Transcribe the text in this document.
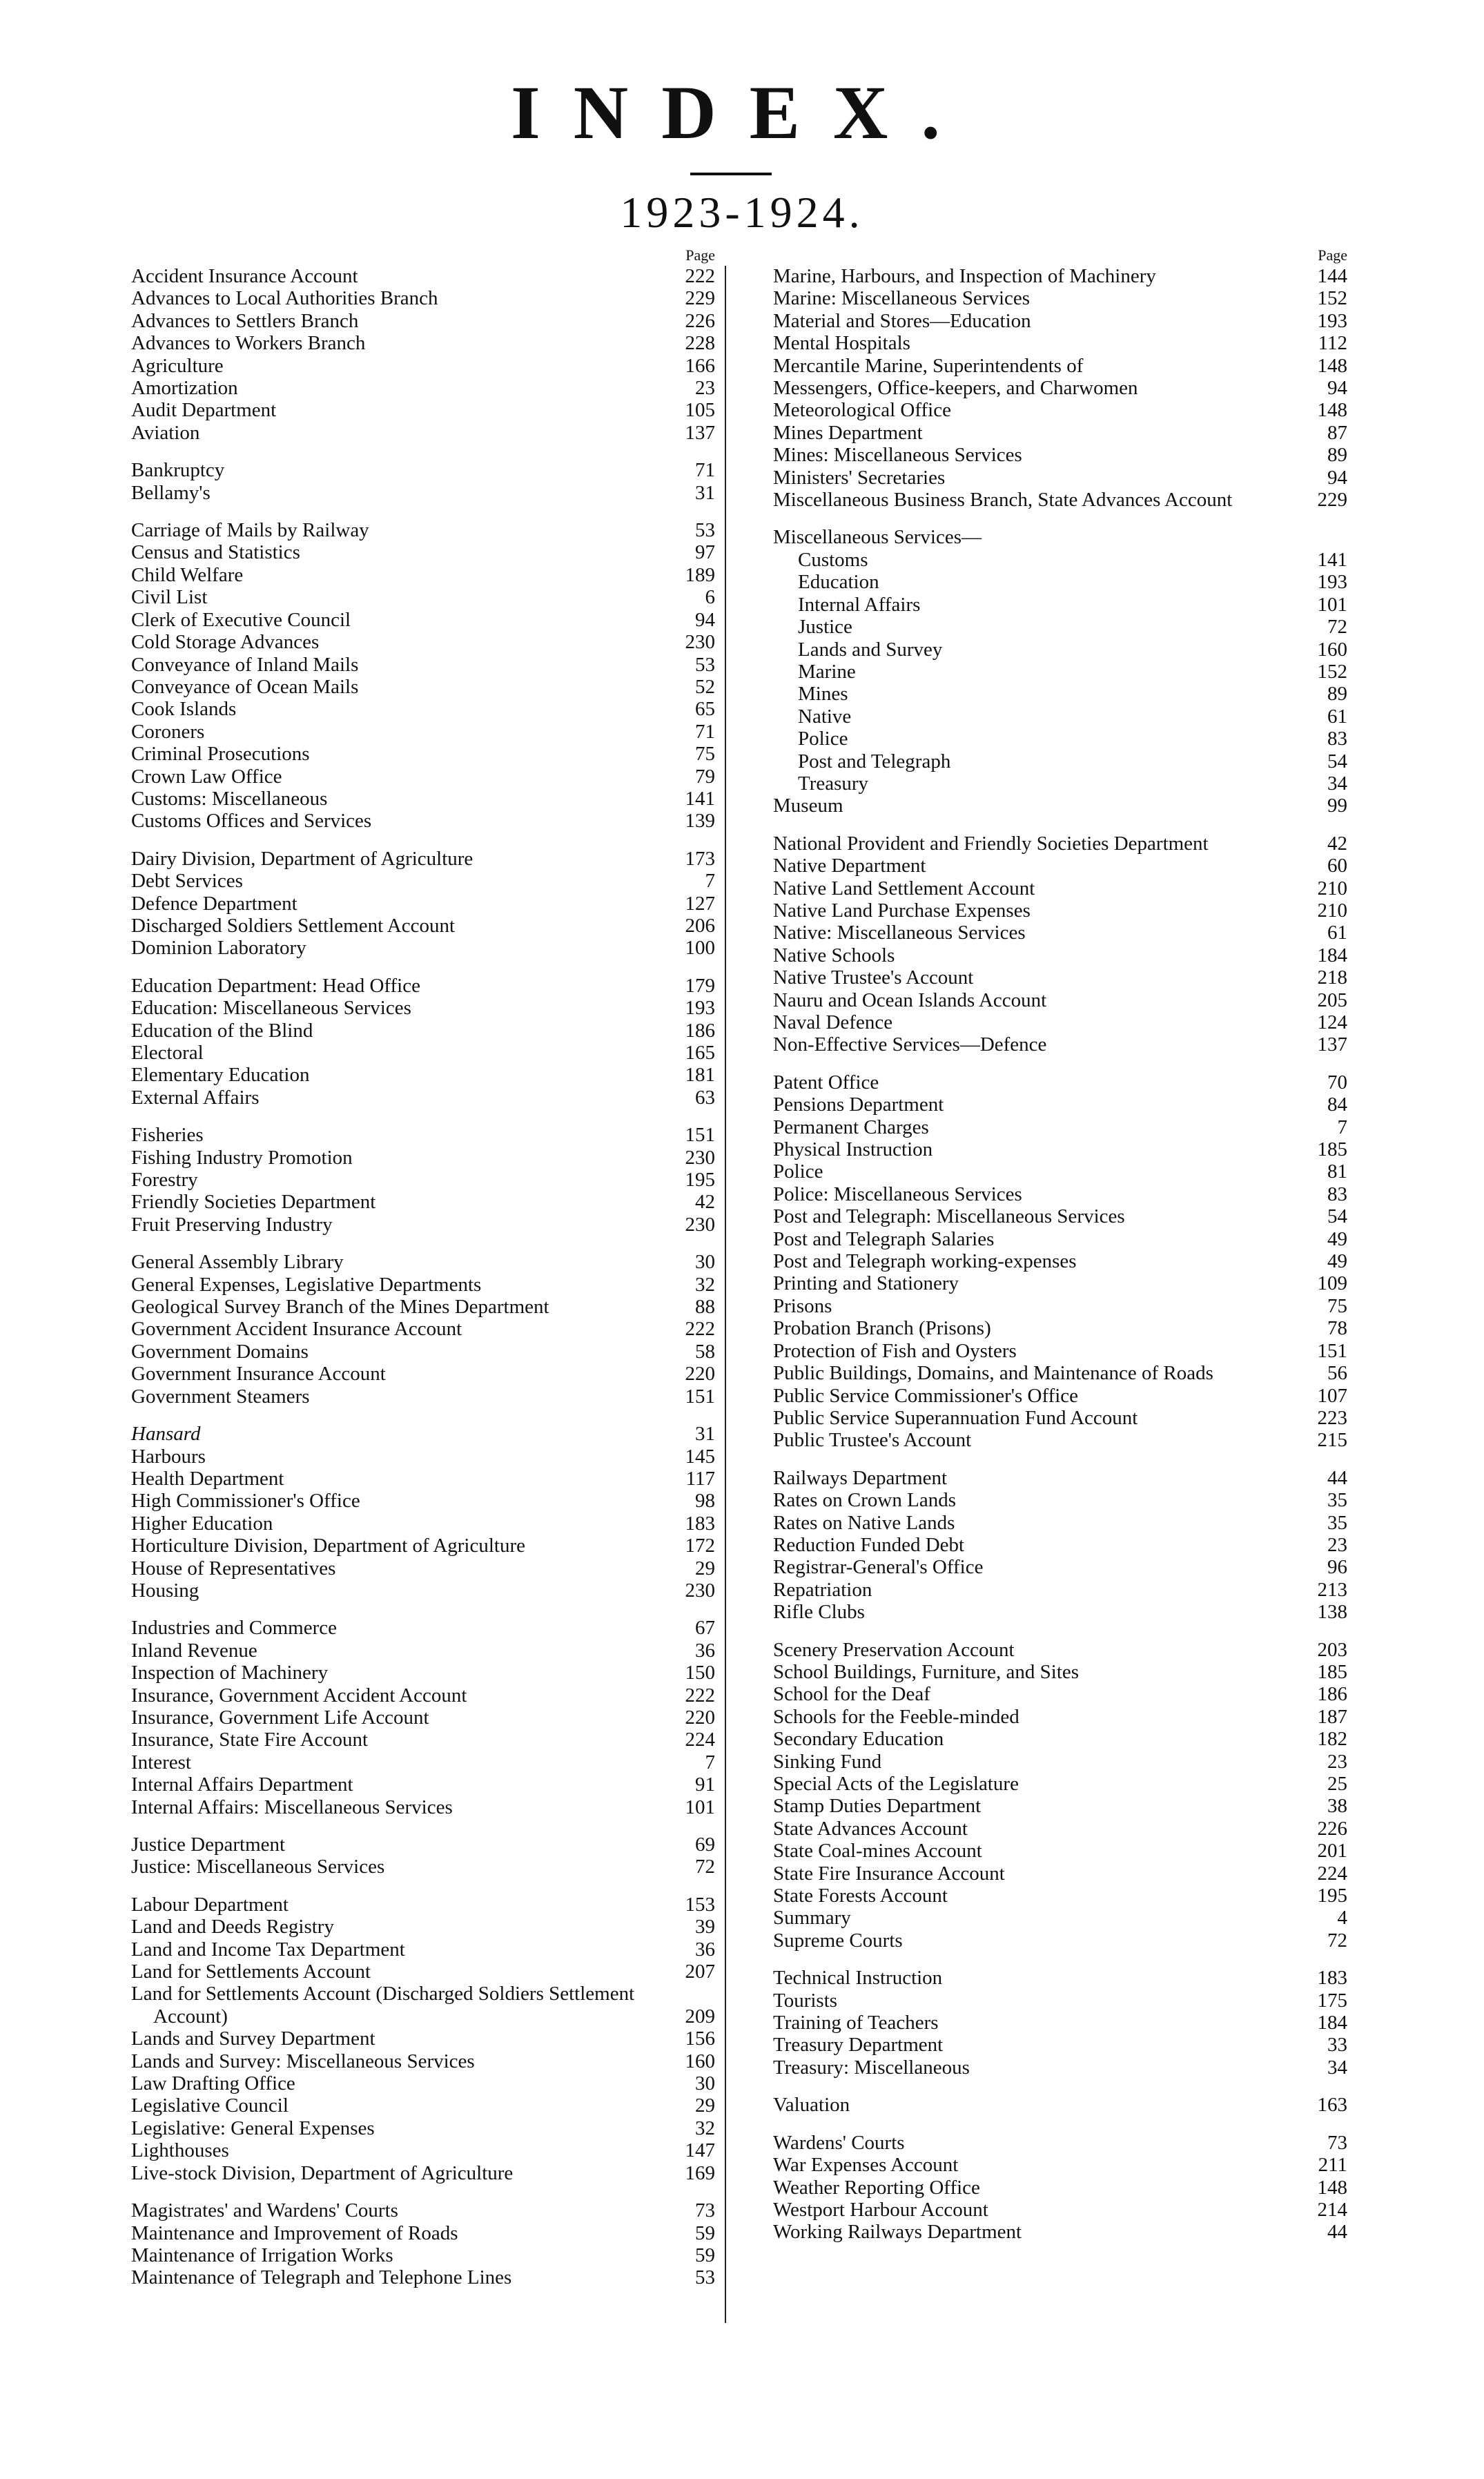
INDEX.
1923-1924.
Page
Accident Insurance Account	222
Advances to Local Authorities Branch	229
Advances to Settlers Branch	226
Advances to Workers Branch	228
Agriculture	166
Amortization	23
Audit Department	105
Aviation	137
Bankruptcy	71
Bellamy's	31
Carriage of Mails by Railway	53
Census and Statistics	97
Child Welfare	189
Civil List	6
Clerk of Executive Council	94
Cold Storage Advances	230
Conveyance of Inland Mails	53
Conveyance of Ocean Mails	52
Cook Islands	65
Coroners	71
Criminal Prosecutions	75
Crown Law Office	79
Customs: Miscellaneous	141
Customs Offices and Services	139
Dairy Division, Department of Agriculture	173
Debt Services	7
Defence Department	127
Discharged Soldiers Settlement Account	206
Dominion Laboratory	100
Education Department: Head Office	179
Education: Miscellaneous Services	193
Education of the Blind	186
Electoral	165
Elementary Education	181
External Affairs	63
Fisheries	151
Fishing Industry Promotion	230
Forestry	195
Friendly Societies Department	42
Fruit Preserving Industry	230
General Assembly Library	30
General Expenses, Legislative Departments	32
Geological Survey Branch of the Mines Department	88
Government Accident Insurance Account	222
Government Domains	58
Government Insurance Account	220
Government Steamers	151
Hansard	31
Harbours	145
Health Department	117
High Commissioner's Office	98
Higher Education	183
Horticulture Division, Department of Agriculture	172
House of Representatives	29
Housing	230
Industries and Commerce	67
Inland Revenue	36
Inspection of Machinery	150
Insurance, Government Accident Account	222
Insurance, Government Life Account	220
Insurance, State Fire Account	224
Interest	7
Internal Affairs Department	91
Internal Affairs: Miscellaneous Services	101
Justice Department	69
Justice: Miscellaneous Services	72
Labour Department	153
Land and Deeds Registry	39
Land and Income Tax Department	36
Land for Settlements Account	207
Land for Settlements Account (Discharged Soldiers Settlement Account)	209
Lands and Survey Department	156
Lands and Survey: Miscellaneous Services	160
Law Drafting Office	30
Legislative Council	29
Legislative: General Expenses	32
Lighthouses	147
Live-stock Division, Department of Agriculture	169
Magistrates' and Wardens' Courts	73
Maintenance and Improvement of Roads	59
Maintenance of Irrigation Works	59
Maintenance of Telegraph and Telephone Lines	53
Page
Marine, Harbours, and Inspection of Machinery	144
Marine: Miscellaneous Services	152
Material and Stores—Education	193
Mental Hospitals	112
Mercantile Marine, Superintendents of	148
Messengers, Office-keepers, and Charwomen	94
Meteorological Office	148
Mines Department	87
Mines: Miscellaneous Services	89
Ministers' Secretaries	94
Miscellaneous Business Branch, State Advances Account	229
Miscellaneous Services—
Customs	141
Education	193
Internal Affairs	101
Justice	72
Lands and Survey	160
Marine	152
Mines	89
Native	61
Police	83
Post and Telegraph	54
Treasury	34
Museum	99
National Provident and Friendly Societies Department	42
Native Department	60
Native Land Settlement Account	210
Native Land Purchase Expenses	210
Native: Miscellaneous Services	61
Native Schools	184
Native Trustee's Account	218
Nauru and Ocean Islands Account	205
Naval Defence	124
Non-Effective Services—Defence	137
Patent Office	70
Pensions Department	84
Permanent Charges	7
Physical Instruction	185
Police	81
Police: Miscellaneous Services	83
Post and Telegraph: Miscellaneous Services	54
Post and Telegraph Salaries	49
Post and Telegraph working-expenses	49
Printing and Stationery	109
Prisons	75
Probation Branch (Prisons)	78
Protection of Fish and Oysters	151
Public Buildings, Domains, and Maintenance of Roads	56
Public Service Commissioner's Office	107
Public Service Superannuation Fund Account	223
Public Trustee's Account	215
Railways Department	44
Rates on Crown Lands	35
Rates on Native Lands	35
Reduction Funded Debt	23
Registrar-General's Office	96
Repatriation	213
Rifle Clubs	138
Scenery Preservation Account	203
School Buildings, Furniture, and Sites	185
School for the Deaf	186
Schools for the Feeble-minded	187
Secondary Education	182
Sinking Fund	23
Special Acts of the Legislature	25
Stamp Duties Department	38
State Advances Account	226
State Coal-mines Account	201
State Fire Insurance Account	224
State Forests Account	195
Summary	4
Supreme Courts	72
Technical Instruction	183
Tourists	175
Training of Teachers	184
Treasury Department	33
Treasury: Miscellaneous	34
Valuation	163
Wardens' Courts	73
War Expenses Account	211
Weather Reporting Office	148
Westport Harbour Account	214
Working Railways Department	44
